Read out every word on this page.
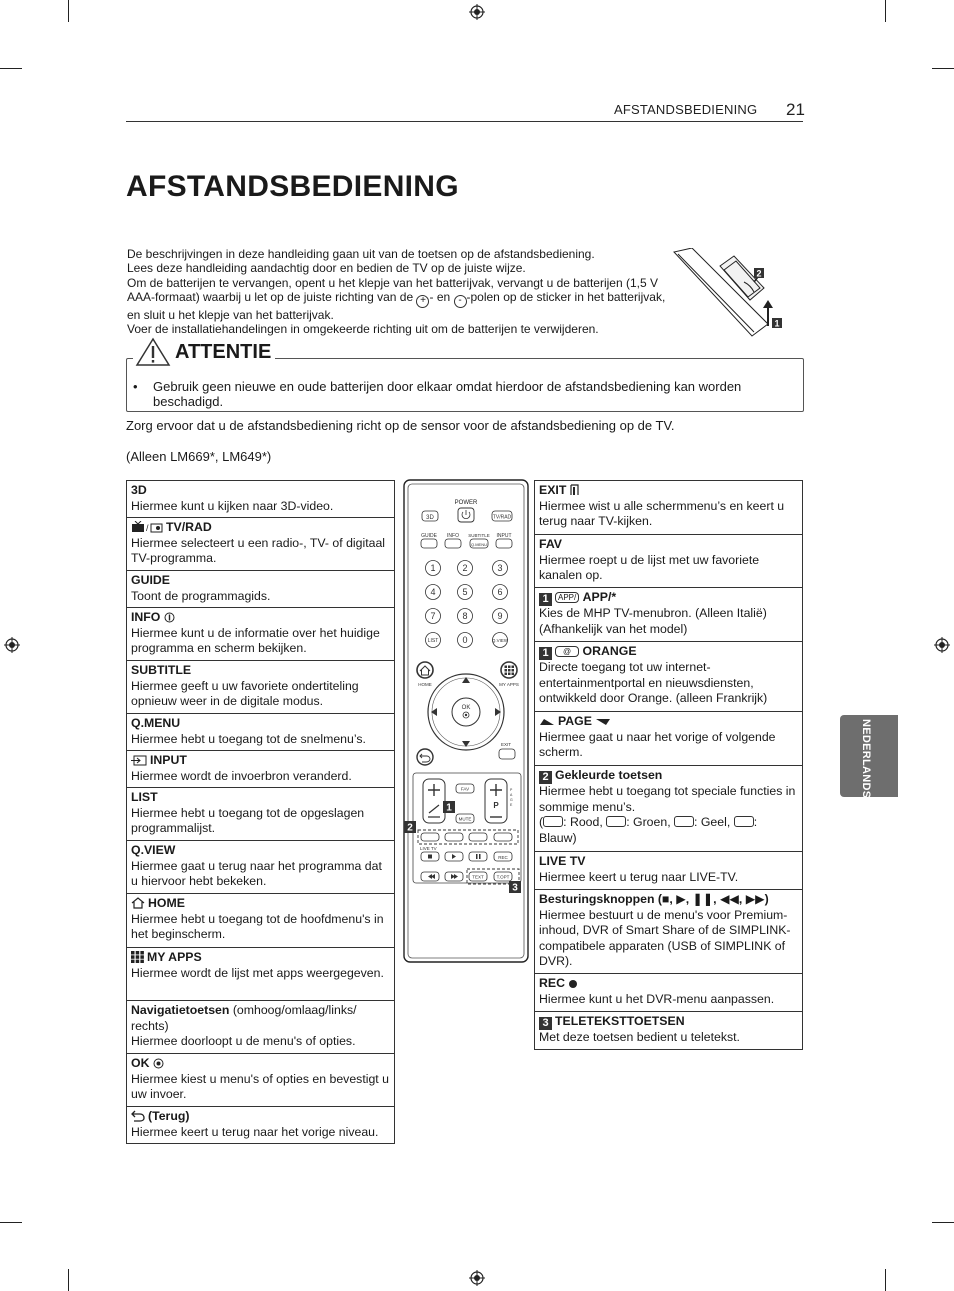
AFSTANDSBEDIENING 21
AFSTANDSBEDIENING

De beschrijvingen in deze handleiding gaan uit van de toetsen op de afstandsbediening.

Lees deze handleiding aandachtig door en bedien de TV op de juiste wijze.

Om de batterijen te vervangen, opent u het klepje van het batterijvak, vervangt u de batterijen (1,5 V AAA-formaat) waarbij u let op de juiste richting van de + - en - -polen op de sticker in het batterijvak, en sluit u het klepje van het batterijvak.

Voer de installatiehandelingen in omgekeerde richting uit om de batterijen te verwijderen.

2
1
ATTENTIE
• Gebruik geen nieuwe en oude batterijen door elkaar omdat hierdoor de afstandsbediening kan worden beschadigd.
Zorg ervoor dat u de afstandsbediening richt op de sensor voor de afstandsbediening op de TV.
(Alleen LM669*, LM649*)
3D
Hiermee kunt u kijken naar 3D-video.
/ TV/RAD
Hiermee selecteert u een radio-, TV- of digitaal TV-programma.
GUIDE
Toont de programmagids.
INFO
Hiermee kunt u de informatie over het huidige programma en scherm bekijken.
SUBTITLE
Hiermee geeft u uw favoriete ondertiteling opnieuw weer in de digitale modus.
Q.MENU
Hiermee hebt u toegang tot de snelmenu’s.
INPUT
Hiermee wordt de invoerbron veranderd.
LIST
Hiermee hebt u toegang tot de opgeslagen programmalijst.
Q.VIEW
Hiermee gaat u terug naar het programma dat u hiervoor hebt bekeken.
HOME
Hiermee hebt u toegang tot de hoofdmenu's in het beginscherm.
MY APPS
Hiermee wordt de lijst met apps weergegeven.
Navigatietoetsen (omhoog/omlaag/links/ rechts)
Hiermee doorloopt u de menu's of opties.
OK
Hiermee kiest u menu's of opties en bevestigt u uw invoer.
(Terug)
Hiermee keert u terug naar het vorige niveau.
3D
POWER
TV/RAD
GUIDE INFO SUBTITLE
Q.MENU
INPUT
1	2	3
4	5	6
7	8	9
LIST	0	Q.VIEW
HOME	MY APPS
OK
EXIT
P
P A G E
FAV
MUTE
1
2
LIVE TV
REC
TEXT	T.OPT
3
EXIT
Hiermee wist u alle schermmenu’s en keert u terug naar TV-kijken.
FAV
Hiermee roept u de lijst met uw favoriete kanalen op.
1 APP/ APP/*
Kies de MHP TV-menubron. (Alleen Italië) (Afhankelijk van het model)
1 @ ORANGE
Directe toegang tot uw internet-entertainmentportal en nieuwsdiensten, ontwikkeld door Orange. (alleen Frankrijk)
PAGE
Hiermee gaat u naar het vorige of volgende scherm.
2 Gekleurde toetsen
Hiermee hebt u toegang tot speciale functies in sommige menu’s.
( : Rood, : Groen, : Geel, : Blauw)
LIVE TV
Hiermee keert u terug naar LIVE-TV.
Besturingsknoppen (■, ▶, ❚❚, ◀◀, ▶▶)
Hiermee bestuurt u de menu's voor Premium-inhoud, DVR of Smart Share of de SIMPLINK-compatibele apparaten (USB of SIMPLINK of DVR).
REC
Hiermee kunt u het DVR-menu aanpassen.
3 TELETEKSTTOETSEN
Met deze toetsen bedient u teletekst.
NEDERLANDS
